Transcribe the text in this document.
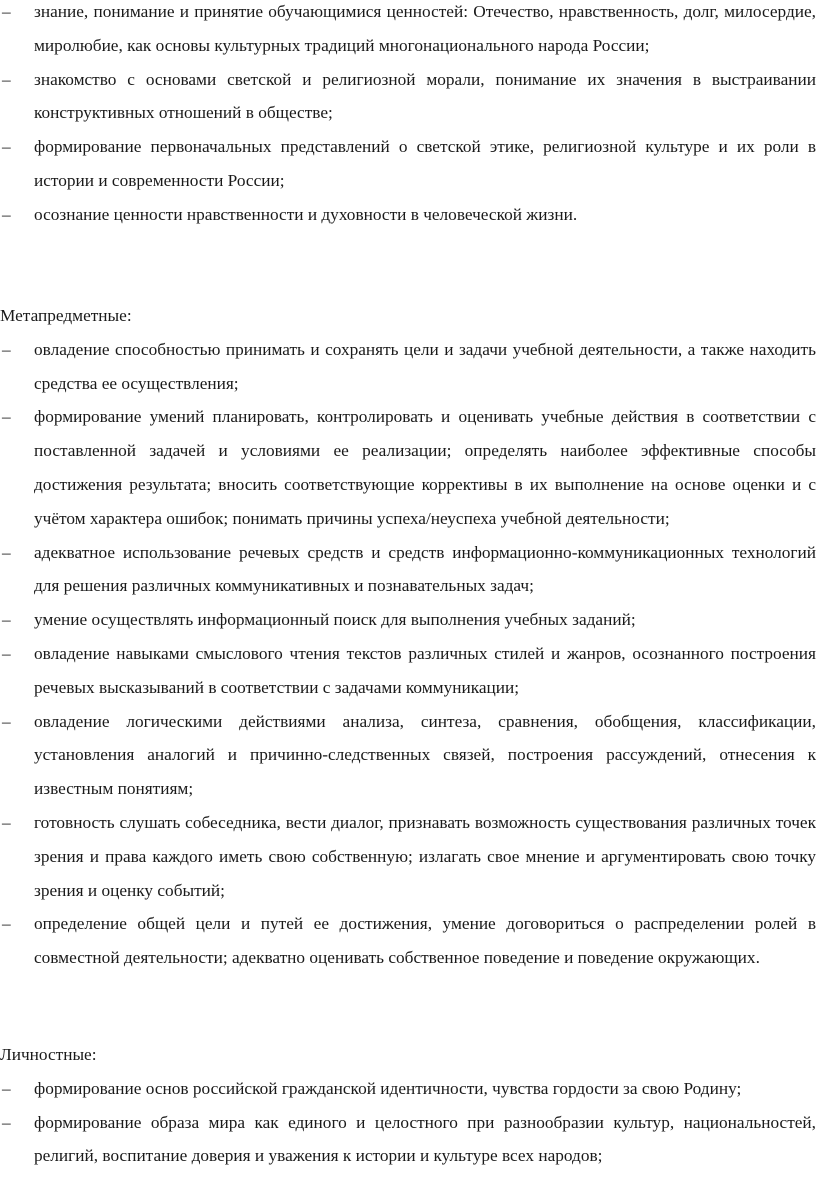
–	знание, понимание и принятие обучающимися ценностей: Отечество, нравственность, долг, милосердие, миролюбие, как основы культурных традиций многонационального народа России;
–	знакомство с основами светской и религиозной морали, понимание их значения в выстраивании конструктивных отношений в обществе;
–	формирование первоначальных представлений о светской этике, религиозной культуре и их роли в истории и современности России;
–	осознание ценности нравственности и духовности в человеческой жизни.
Метапредметные:
–	овладение способностью принимать и сохранять цели и задачи учебной деятельности, а также находить средства ее осуществления;
–	формирование умений планировать, контролировать и оценивать учебные действия в соответствии с поставленной задачей и условиями ее реализации; определять наиболее эффективные способы достижения результата; вносить соответствующие коррективы в их выполнение на основе оценки и с учётом характера ошибок; понимать причины успеха/неуспеха учебной деятельности;
–	адекватное использование речевых средств и средств информационно-коммуникационных технологий для решения различных коммуникативных и познавательных задач;
–	умение осуществлять информационный поиск для выполнения учебных заданий;
–	овладение навыками смыслового чтения текстов различных стилей и жанров, осознанного построения речевых высказываний в соответствии с задачами коммуникации;
–	овладение логическими действиями анализа, синтеза, сравнения, обобщения, классификации, установления аналогий и причинно-следственных связей, построения рассуждений, отнесения к известным понятиям;
–	готовность слушать собеседника, вести диалог, признавать возможность существования различных точек зрения и права каждого иметь свою собственную; излагать свое мнение и аргументировать свою точку зрения и оценку событий;
–	определение общей цели и путей ее достижения, умение договориться о распределении ролей в совместной деятельности; адекватно оценивать собственное поведение и поведение окружающих.
Личностные:
–	формирование основ российской гражданской идентичности, чувства гордости за свою Родину;
–	формирование образа мира как единого и целостного при разнообразии культур, национальностей, религий, воспитание доверия и уважения к истории и культуре всех народов;
